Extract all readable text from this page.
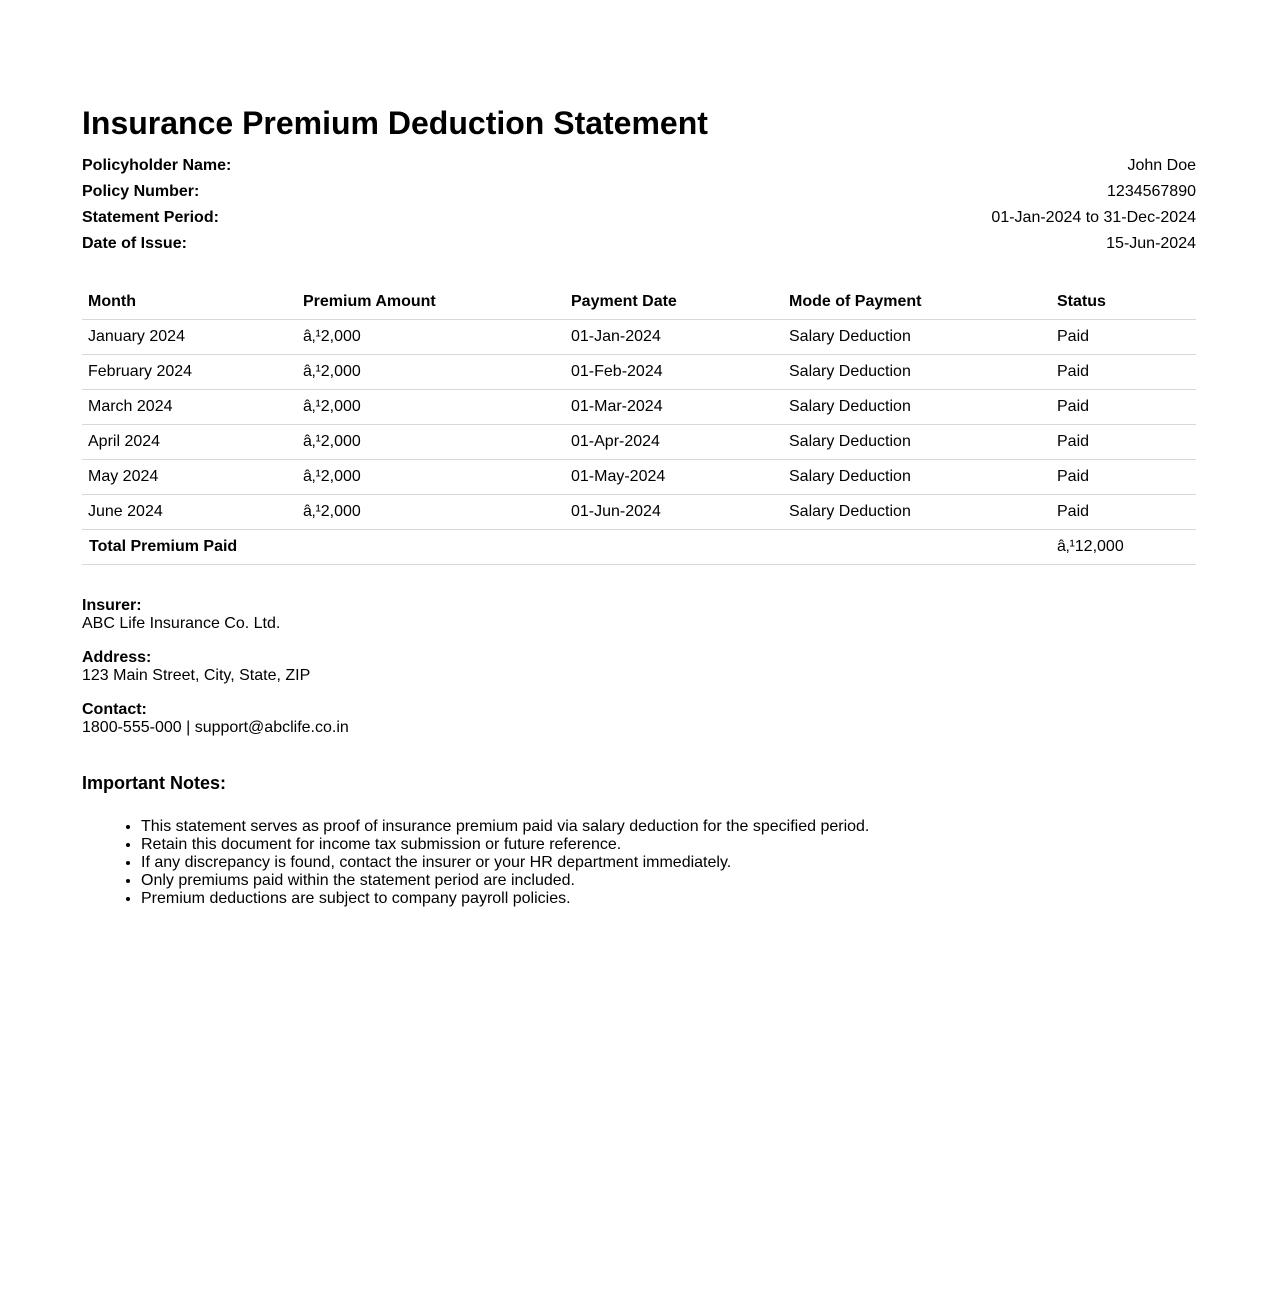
Insurance Premium Deduction Statement
Policyholder Name:	John Doe
Policy Number:	1234567890
Statement Period:	01-Jan-2024 to 31-Dec-2024
Date of Issue:	15-Jun-2024
Month	Premium Amount	Payment Date	Mode of Payment	Status
January 2024	â‚¹2,000	01-Jan-2024	Salary Deduction	Paid
February 2024	â‚¹2,000	01-Feb-2024	Salary Deduction	Paid
March 2024	â‚¹2,000	01-Mar-2024	Salary Deduction	Paid
April 2024	â‚¹2,000	01-Apr-2024	Salary Deduction	Paid
May 2024	â‚¹2,000	01-May-2024	Salary Deduction	Paid
June 2024	â‚¹2,000	01-Jun-2024	Salary Deduction	Paid
Total Premium Paid				â‚¹12,000
Insurer:
ABC Life Insurance Co. Ltd.
Address:
123 Main Street, City, State, ZIP
Contact:
1800-555-000 | support@abclife.co.in
Important Notes:
• This statement serves as proof of insurance premium paid via salary deduction for the specified period.
• Retain this document for income tax submission or future reference.
• If any discrepancy is found, contact the insurer or your HR department immediately.
• Only premiums paid within the statement period are included.
• Premium deductions are subject to company payroll policies.
